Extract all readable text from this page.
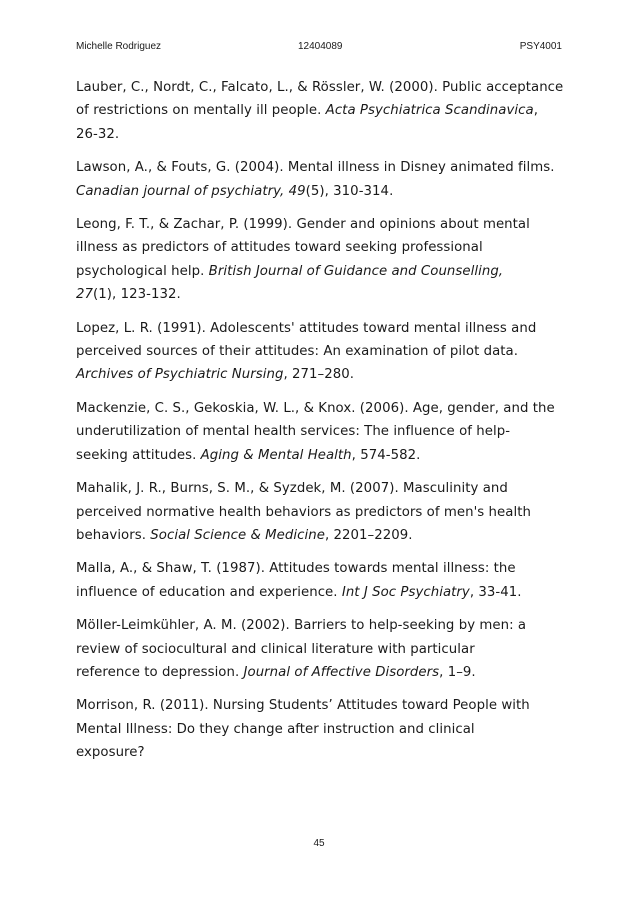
Michelle Rodriguez	12404089	PSY4001

Lauber, C., Nordt, C., Falcato, L., & Rössler, W. (2000). Public acceptance
of restrictions on mentally ill people. Acta Psychiatrica Scandinavica,
26-32.

Lawson, A., & Fouts, G. (2004). Mental illness in Disney animated films.
Canadian journal of psychiatry, 49(5), 310-314.

Leong, F. T., & Zachar, P. (1999). Gender and opinions about mental
illness as predictors of attitudes toward seeking professional
psychological help. British Journal of Guidance and Counselling,
27(1), 123-132.

Lopez, L. R. (1991). Adolescents' attitudes toward mental illness and
perceived sources of their attitudes: An examination of pilot data.
Archives of Psychiatric Nursing, 271–280.

Mackenzie, C. S., Gekoskia, W. L., & Knox. (2006). Age, gender, and the
underutilization of mental health services: The influence of help-
seeking attitudes. Aging & Mental Health, 574-582.

Mahalik, J. R., Burns, S. M., & Syzdek, M. (2007). Masculinity and
perceived normative health behaviors as predictors of men's health
behaviors. Social Science & Medicine, 2201–2209.

Malla, A., & Shaw, T. (1987). Attitudes towards mental illness: the
influence of education and experience. Int J Soc Psychiatry, 33-41.

Möller-Leimkühler, A. M. (2002). Barriers to help-seeking by men: a
review of sociocultural and clinical literature with particular
reference to depression. Journal of Affective Disorders, 1–9.

Morrison, R. (2011). Nursing Students’ Attitudes toward People with
Mental Illness: Do they change after instruction and clinical
exposure?

45
